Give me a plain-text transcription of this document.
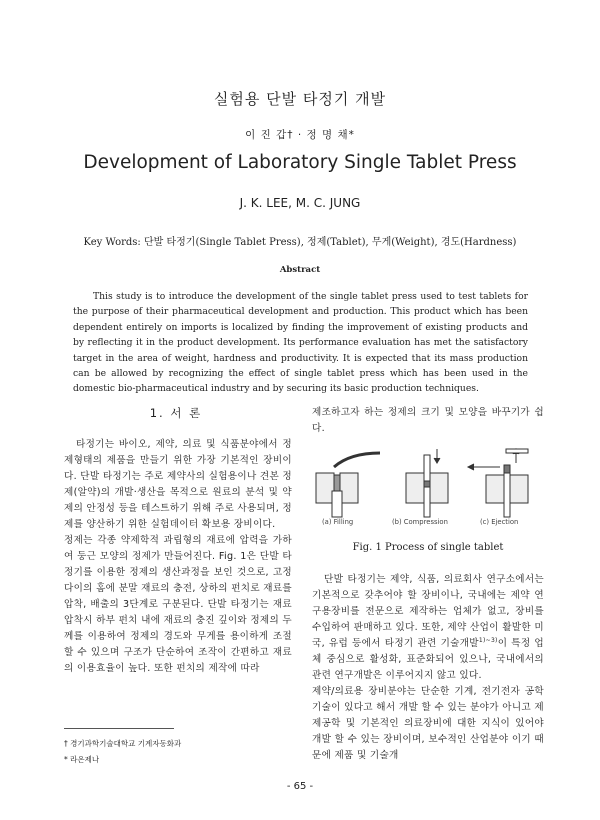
실험용 단발 타정기 개발
이 진 갑† · 정 명 채*
Development of Laboratory Single Tablet Press
J. K. LEE, M. C. JUNG
Key Words: 단발 타정기(Single Tablet Press), 정제(Tablet), 무게(Weight), 경도(Hardness)
Abstract

This study is to introduce the development of the single tablet press used to test tablets for the purpose of their pharmaceutical development and production. This product which has been dependent entirely on imports is localized by finding the improvement of existing products and by reflecting it in the product development. Its performance evaluation has met the satisfactory target in the area of weight, hardness and productivity. It is expected that its mass production can be allowed by recognizing the effect of single tablet press which has been used in the domestic bio-pharmaceutical industry and by securing its basic production techniques.

1. 서 론

타정기는 바이오, 제약, 의료 및 식품분야에서 정제형태의 제품을 만들기 위한 가장 기본적인 장비이다. 단발 타정기는 주로 제약사의 실험용이나 견본 정제(알약)의 개발·생산을 목적으로 원료의 분석 및 약제의 안정성 등을 테스트하기 위해 주로 사용되며, 정제를 양산하기 위한 실험데이터 확보용 장비이다.

정제는 각종 약제학적 과립형의 재료에 압력을 가하여 둥근 모양의 정제가 만들어진다. Fig. 1은 단발 타정기를 이용한 정제의 생산과정을 보인 것으로, 고정 다이의 홈에 분말 재료의 충전, 상하의 펀치로 재료를 압착, 배출의 3단계로 구분된다. 단발 타정기는 재료 압착시 하부 펀치 내에 재료의 충진 깊이와 정제의 두께를 이용하여 정제의 경도와 무게를 용이하게 조절할 수 있으며 구조가 단순하여 조작이 간편하고 재료의 이용효율이 높다. 또한 펀치의 제작에 따라

제조하고자 하는 정제의 크기 및 모양을 바꾸기가 쉽다.

(a) Filling	(b) Compression	(c) Ejection
Fig. 1 Process of single tablet

단발 타정기는 제약, 식품, 의료회사 연구소에서는 기본적으로 갖추어야 할 장비이나, 국내에는 제약 연구용장비를 전문으로 제작하는 업체가 없고, 장비를 수입하여 판매하고 있다. 또한, 제약 산업이 활발한 미국, 유럽 등에서 타정기 관련 기술개발$^{1)\sim 3)}$이 특정 업체 중심으로 활성화, 표준화되어 있으나, 국내에서의 관련 연구개발은 이루어지지 않고 있다.

제약/의료용 장비분야는 단순한 기계, 전기전자 공학기술이 있다고 해서 개발 할 수 있는 분야가 아니고 제제공학 및 기본적인 의료장비에 대한 지식이 있어야 개발 할 수 있는 장비이며, 보수적인 산업분야 이기 때문에 제품 및 기술개

† 경기과학기술대학교 기계자동화과
* 라온제나
- 65 -
